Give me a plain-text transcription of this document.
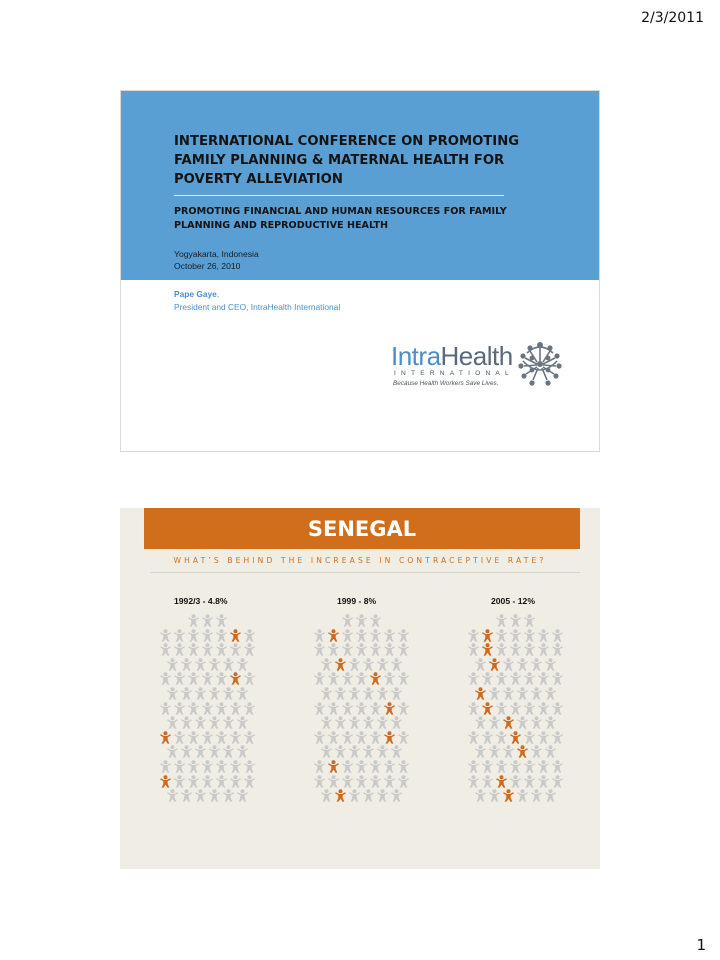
2/3/2011
INTERNATIONAL CONFERENCE ON PROMOTING FAMILY PLANNING & MATERNAL HEALTH FOR POVERTY ALLEVIATION
PROMOTING FINANCIAL AND HUMAN RESOURCES FOR FAMILY PLANNING AND REPRODUCTIVE HEALTH
Yogyakarta, Indonesia
October 26, 2010
Pape Gaye,
President and CEO, IntraHealth International
IntraHealth
INTERNATIONAL
Because Health Workers Save Lives.
SENEGAL
WHAT’S BEHIND THE INCREASE IN CONTRACEPTIVE RATE?
1992/3 - 4.8%	1999 - 8%	2005 - 12%
1
